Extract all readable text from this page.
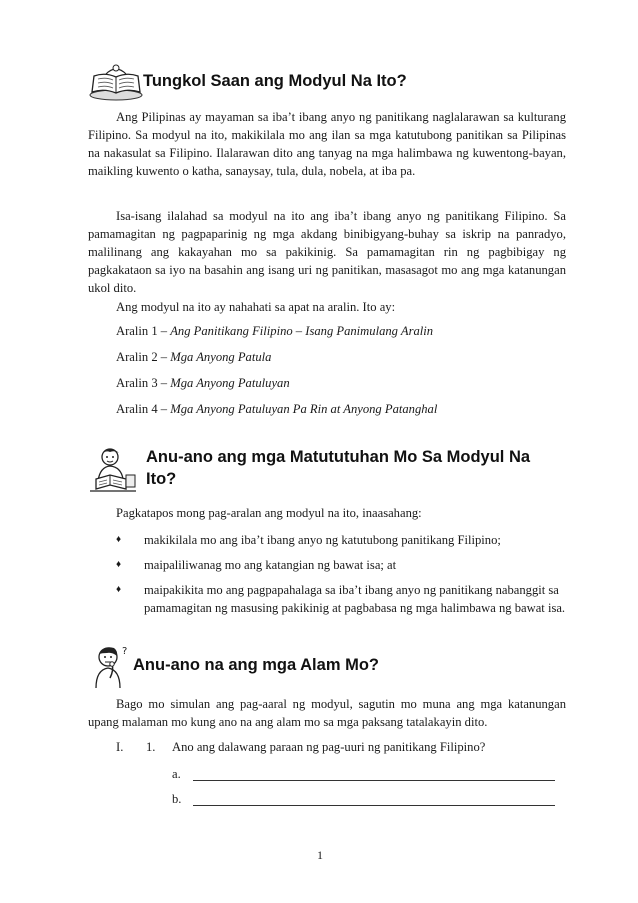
Tungkol Saan ang Modyul Na Ito?
Ang Pilipinas ay mayaman sa iba’t ibang anyo ng panitikang naglalarawan sa kulturang Filipino. Sa modyul na ito, makikilala mo ang ilan sa mga katutubong panitikan sa Pilipinas na nakasulat sa Filipino. Ilalarawan dito ang tanyag na mga halimbawa ng kuwentong-bayan, maikling kuwento o katha, sanaysay, tula, dula, nobela, at iba pa.
Isa-isang ilalahad sa modyul na ito ang iba’t ibang anyo ng panitikang Filipino. Sa pamamagitan ng pagpaparinig ng mga akdang binibigyang-buhay sa iskrip na panradyo, malilinang ang kakayahan mo sa pakikinig. Sa pamamagitan rin ng pagbibigay ng pagkakataon sa iyo na basahin ang isang uri ng panitikan, masasagot mo ang mga katanungan ukol dito.
Ang modyul na ito ay nahahati sa apat na aralin. Ito ay:
Aralin 1 – Ang Panitikang Filipino – Isang Panimulang Aralin
Aralin 2 – Mga Anyong Patula
Aralin 3 – Mga Anyong Patuluyan
Aralin 4 – Mga Anyong Patuluyan Pa Rin at Anyong Patanghal
Anu-ano ang mga Matututuhan Mo Sa Modyul Na Ito?
Pagkatapos mong pag-aralan ang modyul na ito, inaasahang:
♦ makikilala mo ang iba’t ibang anyo ng katutubong panitikang Filipino;
♦ maipaliliwanag mo ang katangian ng bawat isa; at
♦ maipakikita mo ang pagpapahalaga sa iba’t ibang anyo ng panitikang nabanggit sa pamamagitan ng masusing pakikinig at pagbabasa ng mga halimbawa ng bawat isa.
?
Anu-ano na ang mga Alam Mo?
Bago mo simulan ang pag-aaral ng modyul, sagutin mo muna ang mga katanungan upang malaman mo kung ano na ang alam mo sa mga paksang tatalakayin dito.
I. 1. Ano ang dalawang paraan ng pag-uuri ng panitikang Filipino?
a.
b.
1
